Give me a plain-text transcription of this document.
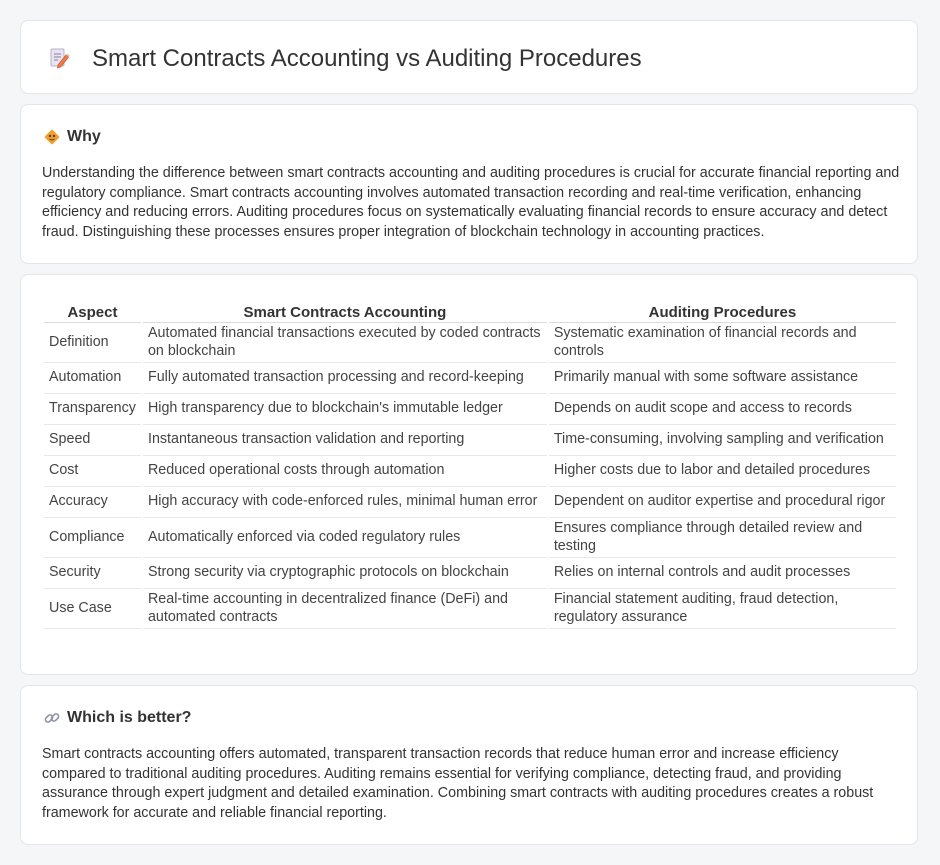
Smart Contracts Accounting vs Auditing Procedures
Why

Understanding the difference between smart contracts accounting and auditing procedures is crucial for accurate financial reporting and regulatory compliance. Smart contracts accounting involves automated transaction recording and real-time verification, enhancing efficiency and reducing errors. Auditing procedures focus on systematically evaluating financial records to ensure accuracy and detect fraud. Distinguishing these processes ensures proper integration of blockchain technology in accounting practices.

Aspect	Smart Contracts Accounting	Auditing Procedures
Definition	Automated financial transactions executed by coded contracts on blockchain	Systematic examination of financial records and controls
Automation	Fully automated transaction processing and record-keeping	Primarily manual with some software assistance
Transparency	High transparency due to blockchain's immutable ledger	Depends on audit scope and access to records
Speed	Instantaneous transaction validation and reporting	Time-consuming, involving sampling and verification
Cost	Reduced operational costs through automation	Higher costs due to labor and detailed procedures
Accuracy	High accuracy with code-enforced rules, minimal human error	Dependent on auditor expertise and procedural rigor
Compliance	Automatically enforced via coded regulatory rules	Ensures compliance through detailed review and testing
Security	Strong security via cryptographic protocols on blockchain	Relies on internal controls and audit processes
Use Case	Real-time accounting in decentralized finance (DeFi) and automated contracts	Financial statement auditing, fraud detection, regulatory assurance
Which is better?

Smart contracts accounting offers automated, transparent transaction records that reduce human error and increase efficiency compared to traditional auditing procedures. Auditing remains essential for verifying compliance, detecting fraud, and providing assurance through expert judgment and detailed examination. Combining smart contracts with auditing procedures creates a robust framework for accurate and reliable financial reporting.
